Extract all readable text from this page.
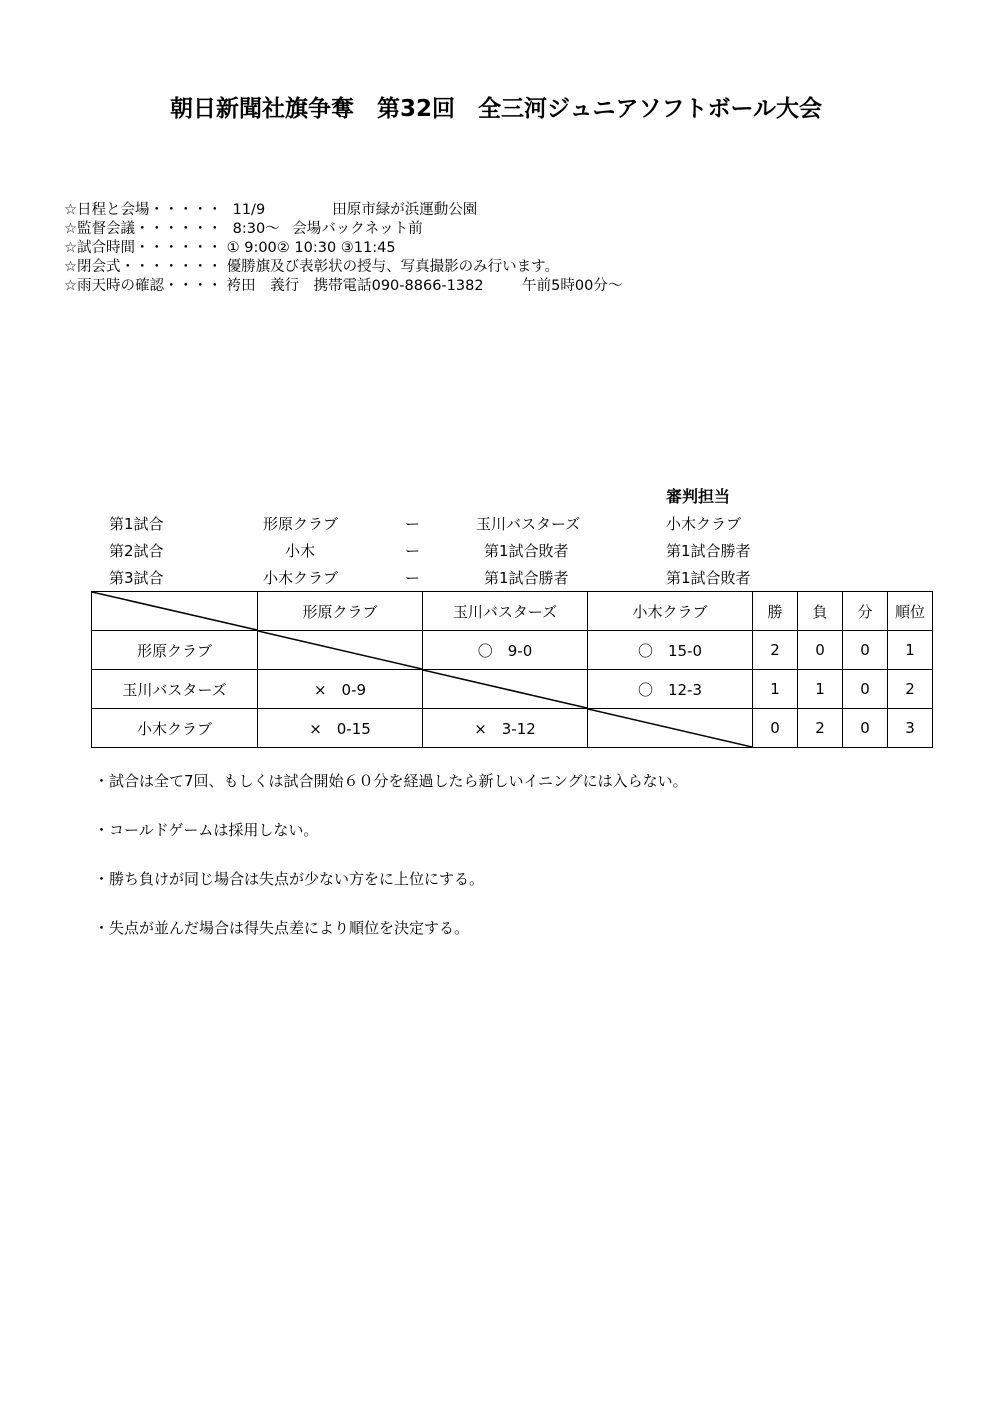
朝日新聞社旗争奪　第32回　全三河ジュニアソフトボール大会
☆日程と会場・・・・・ 11/9	田原市緑が浜運動公園
☆監督会議・・・・・・ 8:30～ 会場バックネット前
☆試合時間・・・・・・ ① 9:00② 10:30 ③11:45
☆閉会式・・・・・・・ 優勝旗及び表彰状の授与、写真撮影のみ行います。
☆雨天時の確認・・・・ 袴田　義行　携帯電話090-8866-1382	午前5時00分～
審判担当
第1試合	形原クラブ	ー	玉川バスターズ	小木クラブ
第2試合	小木	ー	第1試合敗者	第1試合勝者
第3試合	小木クラブ	ー	第1試合勝者	第1試合敗者
	形原クラブ	玉川バスターズ	小木クラブ	勝	負	分	順位
形原クラブ		〇　9-0	〇　15-0	2	0	0	1
玉川バスターズ	×　0-9		〇　12-3	1	1	0	2
小木クラブ	×　0-15	×　3-12		0	2	0	3
・試合は全て7回、もしくは試合開始６０分を経過したら新しいイニングには入らない。
・コールドゲームは採用しない。
・勝ち負けが同じ場合は失点が少ない方をに上位にする。
・失点が並んだ場合は得失点差により順位を決定する。
